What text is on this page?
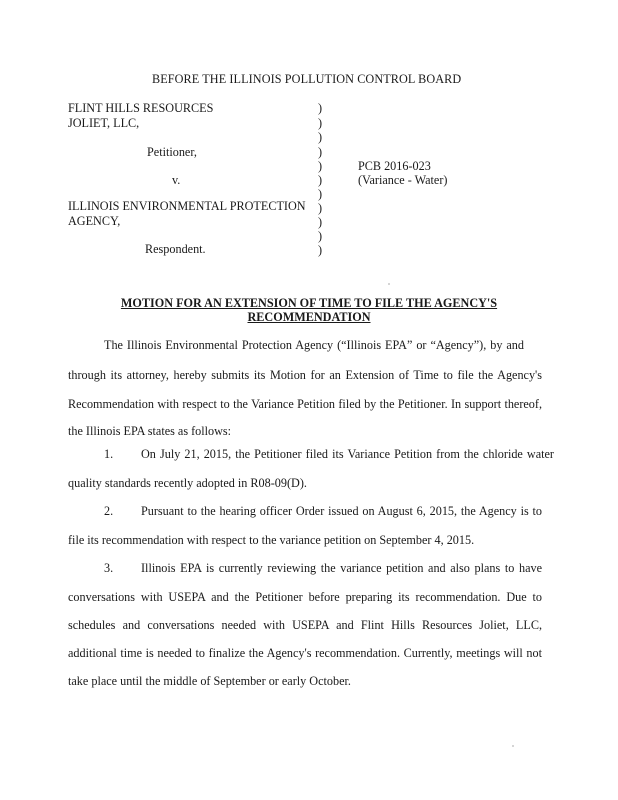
BEFORE THE ILLINOIS POLLUTION CONTROL BOARD
FLINT HILLS RESOURCES
JOLIET, LLC,
Petitioner,
v.
ILLINOIS ENVIRONMENTAL PROTECTION
AGENCY,
Respondent.
)
)
)
)
)
)
)
)
)
)
)
PCB 2016-023
(Variance - Water)
MOTION FOR AN EXTENSION OF TIME TO FILE THE AGENCY'S
RECOMMENDATION
The Illinois Environmental Protection Agency (“Illinois EPA” or “Agency”), by and
through its attorney, hereby submits its Motion for an Extension of Time to file the Agency's
Recommendation with respect to the Variance Petition filed by the Petitioner. In support thereof,
the Illinois EPA states as follows:
1. On July 21, 2015, the Petitioner filed its Variance Petition from the chloride water
quality standards recently adopted in R08-09(D).
2. Pursuant to the hearing officer Order issued on August 6, 2015, the Agency is to
file its recommendation with respect to the variance petition on September 4, 2015.
3. Illinois EPA is currently reviewing the variance petition and also plans to have
conversations with USEPA and the Petitioner before preparing its recommendation. Due to
schedules and conversations needed with USEPA and Flint Hills Resources Joliet, LLC,
additional time is needed to finalize the Agency's recommendation. Currently, meetings will not
take place until the middle of September or early October.
